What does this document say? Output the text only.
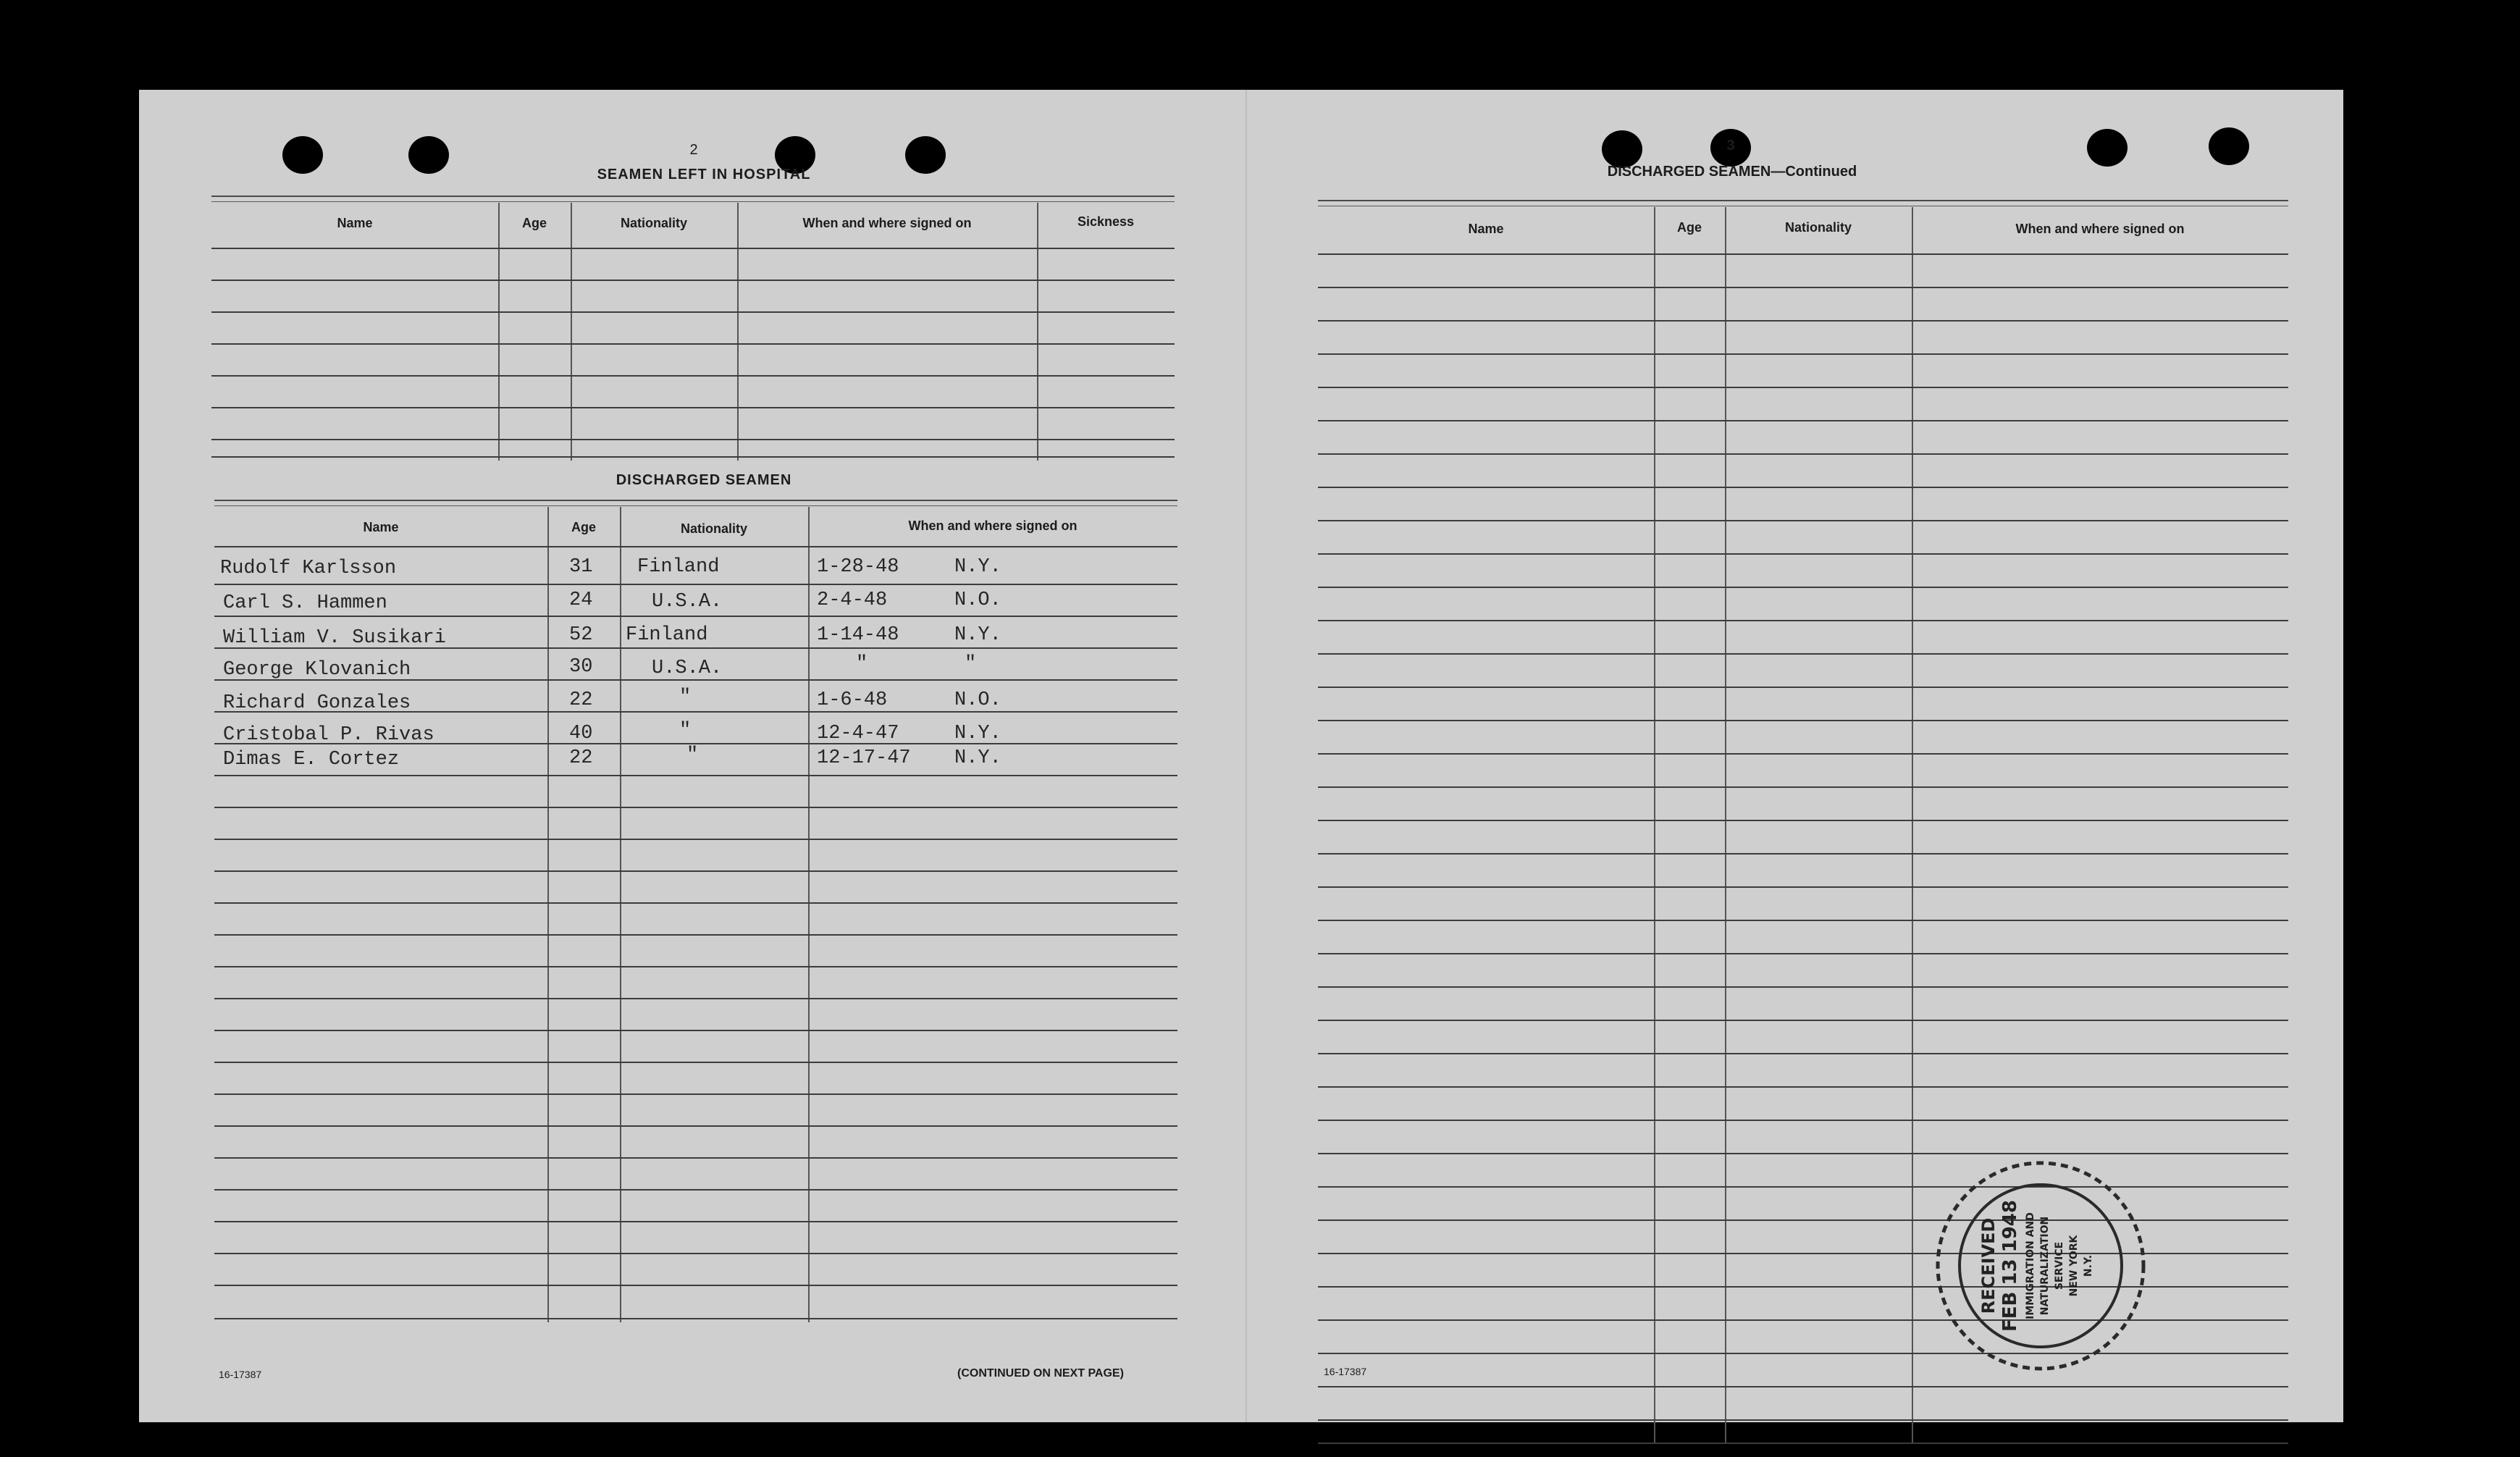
2
SEAMEN LEFT IN HOSPITAL
Name	Age	Nationality	When and where signed on	Sickness
DISCHARGED SEAMEN
Name	Age	Nationality	When and where signed on
Rudolf Karlsson	31 Finland	1-28-48	N.Y.
Carl S. Hammen	24	U.S.A.	2-4-48	N.O.
William V. Susikari	52 Finland	1-14-48	N.Y.
George Klovanich	30	U.S.A.	"	"
Richard Gonzales	22	"	1-6-48	N.O.
Cristobal P. Rivas	40	"	12-4-47	N.Y.
Dimas E. Cortez	22	"	12-17-47 N.Y.
16-17387	(CONTINUED ON NEXT PAGE)
3
DISCHARGED SEAMEN—Continued
Name	Age	Nationality	When and where signed on
16-17387
RECEIVED FEB 13 1948 IMMIGRATION AND NATURALIZATION SERVICE NEW YORK N.Y.
